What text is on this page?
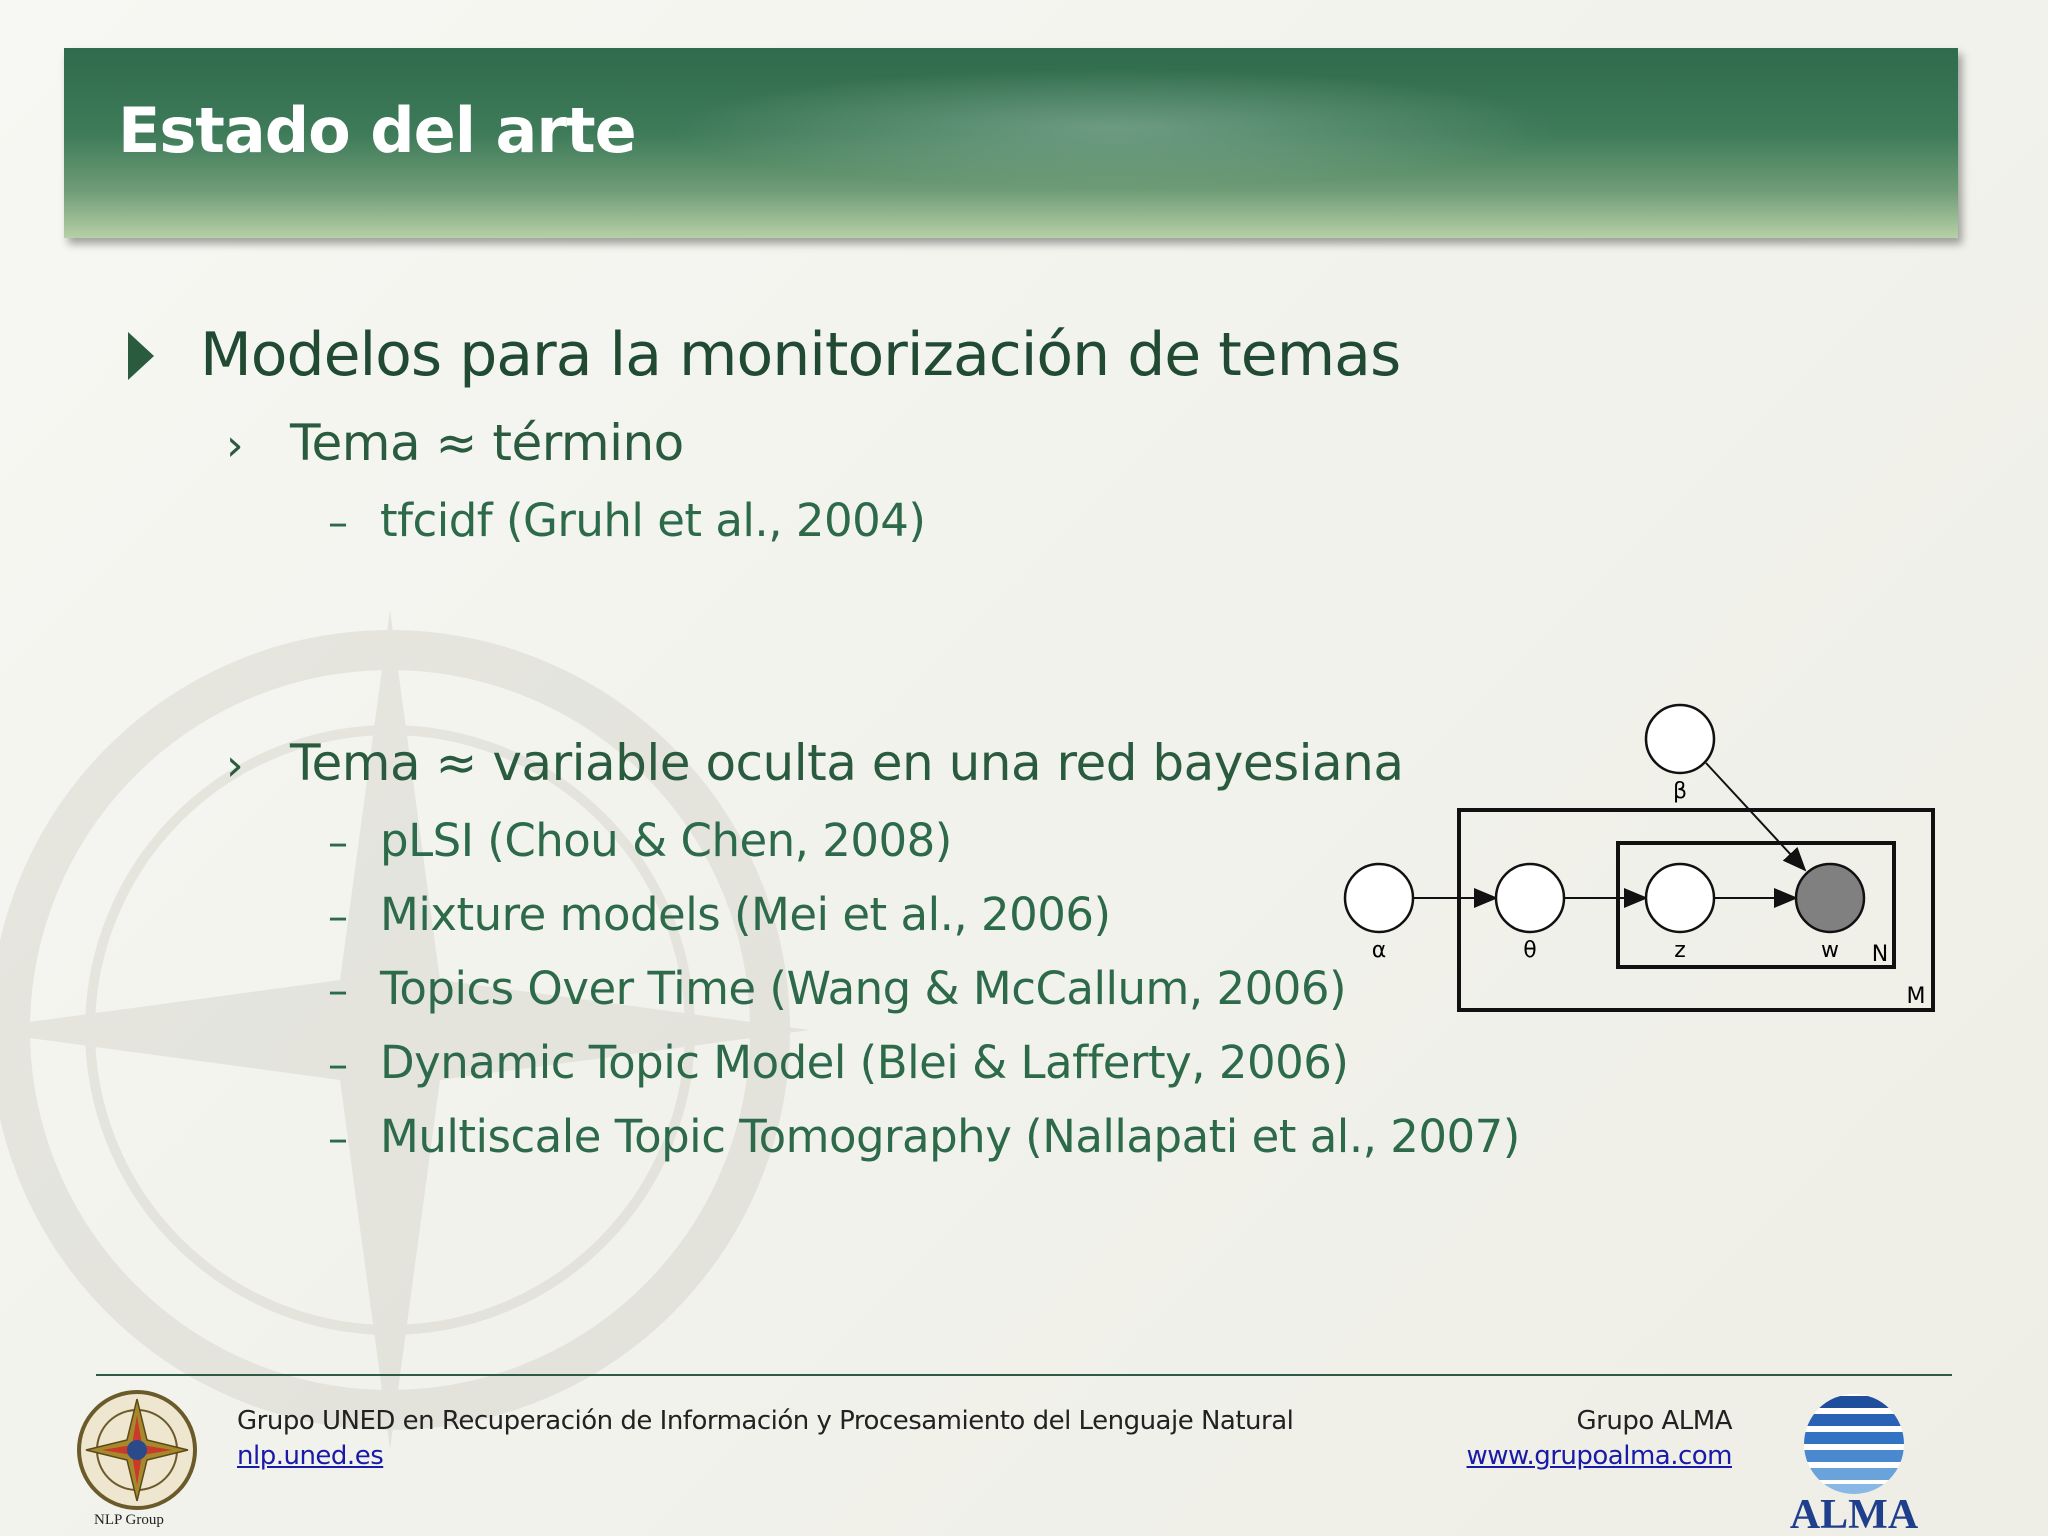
Estado del arte
Modelos para la monitorización de temas
› Tema ≈ término
– tfcidf (Gruhl et al., 2004)
› Tema ≈ variable oculta en una red bayesiana
– pLSI (Chou & Chen, 2008)
– Mixture models (Mei et al., 2006)
– Topics Over Time (Wang & McCallum, 2006)
– Dynamic Topic Model (Blei & Lafferty, 2006)
– Multiscale Topic Tomography (Nallapati et al., 2007)
α	θ	z	w
β
N
M
NLP Group
Grupo UNED en Recuperación de Información y Procesamiento del Lenguaje Natural
nlp.uned.es
Grupo ALMA
www.grupoalma.com
ALMA
